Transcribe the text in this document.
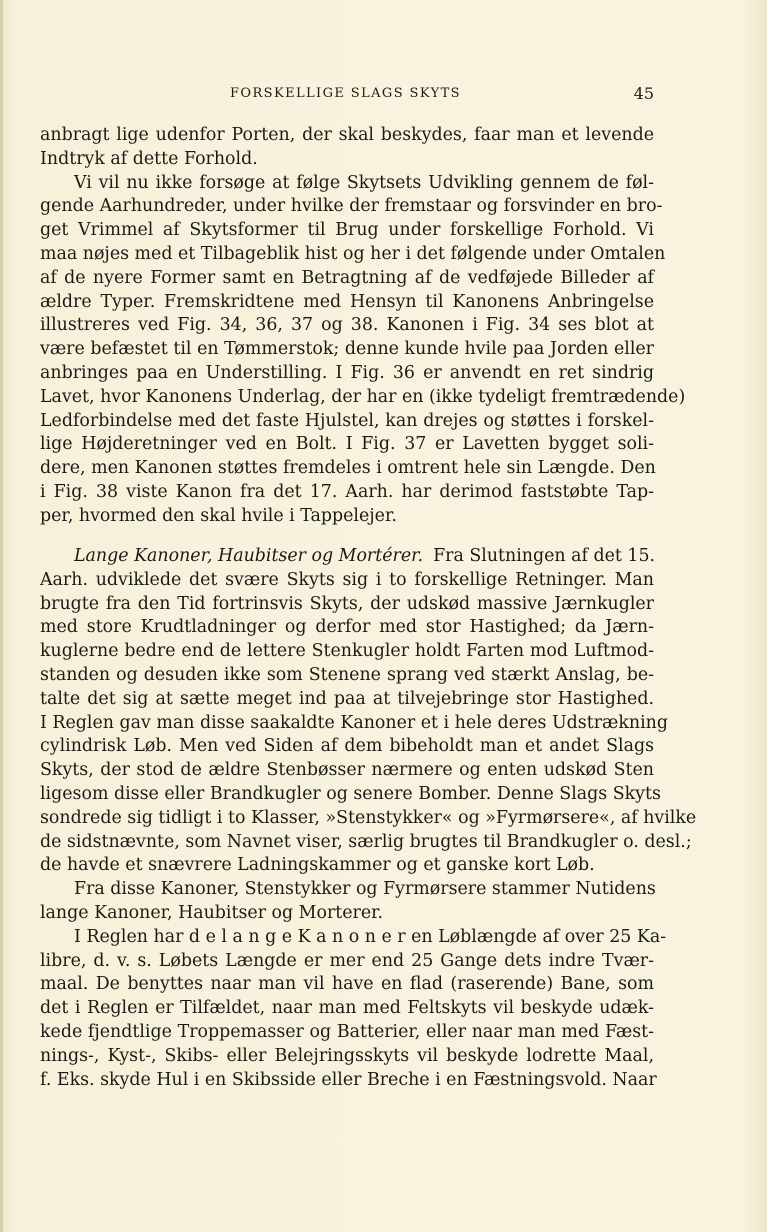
FORSKELLIGE SLAGS SKYTS	45
anbragt lige udenfor Porten, der skal beskydes, faar man et levende
Indtryk af dette Forhold.
Vi vil nu ikke forsøge at følge Skytsets Udvikling gennem de føl-
gende Aarhundreder, under hvilke der fremstaar og forsvinder en bro-
get Vrimmel af Skytsformer til Brug under forskellige Forhold. Vi
maa nøjes med et Tilbageblik hist og her i det følgende under Omtalen
af de nyere Former samt en Betragtning af de vedføjede Billeder af
ældre Typer. Fremskridtene med Hensyn til Kanonens Anbringelse
illustreres ved Fig. 34, 36, 37 og 38. Kanonen i Fig. 34 ses blot at
være befæstet til en Tømmerstok; denne kunde hvile paa Jorden eller
anbringes paa en Understilling. I Fig. 36 er anvendt en ret sindrig
Lavet, hvor Kanonens Underlag, der har en (ikke tydeligt fremtrædende)
Ledforbindelse med det faste Hjulstel, kan drejes og støttes i forskel-
lige Højderetninger ved en Bolt. I Fig. 37 er Lavetten bygget soli-
dere, men Kanonen støttes fremdeles i omtrent hele sin Længde. Den
i Fig. 38 viste Kanon fra det 17. Aarh. har derimod faststøbte Tap-
per, hvormed den skal hvile i Tappelejer.
Lange Kanoner, Haubitser og Mortérer. Fra Slutningen af det 15.
Aarh. udviklede det svære Skyts sig i to forskellige Retninger. Man
brugte fra den Tid fortrinsvis Skyts, der udskød massive Jærnkugler
med store Krudtladninger og derfor med stor Hastighed; da Jærn-
kuglerne bedre end de lettere Stenkugler holdt Farten mod Luftmod-
standen og desuden ikke som Stenene sprang ved stærkt Anslag, be-
talte det sig at sætte meget ind paa at tilvejebringe stor Hastighed.
I Reglen gav man disse saakaldte Kanoner et i hele deres Udstrækning
cylindrisk Løb. Men ved Siden af dem bibeholdt man et andet Slags
Skyts, der stod de ældre Stenbøsser nærmere og enten udskød Sten
ligesom disse eller Brandkugler og senere Bomber. Denne Slags Skyts
sondrede sig tidligt i to Klasser, »Stenstykker« og »Fyrmørsere«, af hvilke
de sidstnævnte, som Navnet viser, særlig brugtes til Brandkugler o. desl.;
de havde et snævrere Ladningskammer og et ganske kort Løb.
Fra disse Kanoner, Stenstykker og Fyrmørsere stammer Nutidens
lange Kanoner, Haubitser og Morterer.
I Reglen har d e l a n g e K a n o n e r en Løblængde af over 25 Ka-
libre, d. v. s. Løbets Længde er mer end 25 Gange dets indre Tvær-
maal. De benyttes naar man vil have en flad (raserende) Bane, som
det i Reglen er Tilfældet, naar man med Feltskyts vil beskyde udæk-
kede fjendtlige Troppemasser og Batterier, eller naar man med Fæst-
nings-, Kyst-, Skibs- eller Belejringsskyts vil beskyde lodrette Maal,
f. Eks. skyde Hul i en Skibsside eller Breche i en Fæstningsvold. Naar
